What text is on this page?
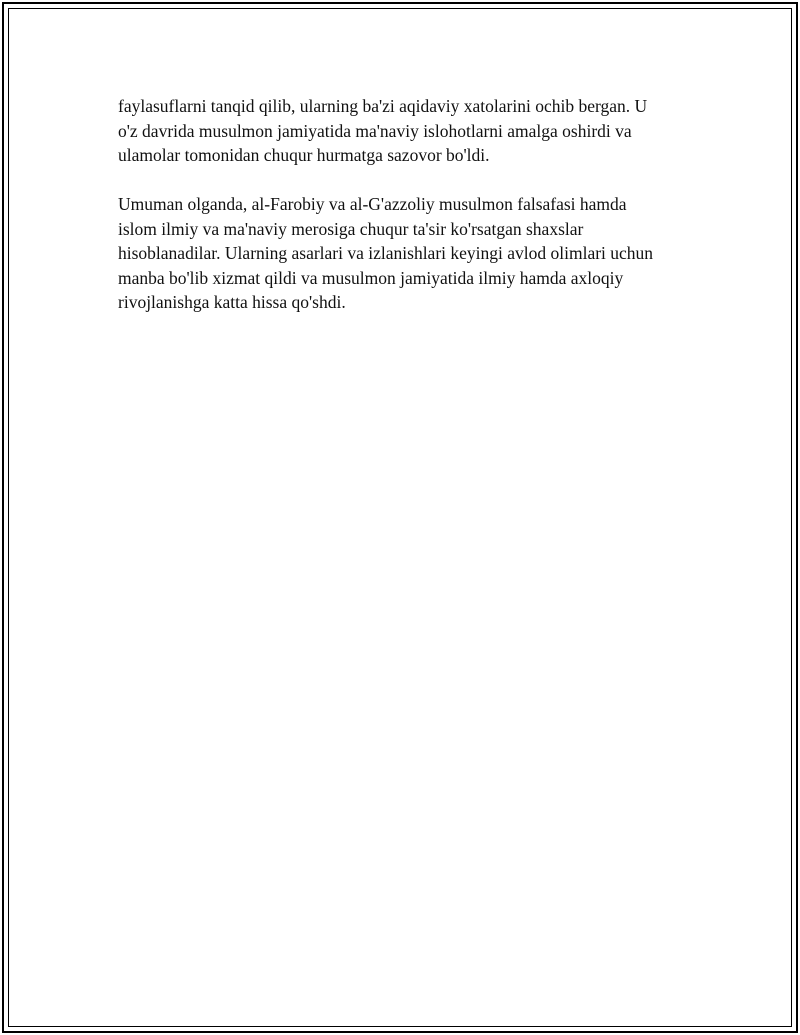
faylasuflarni tanqid qilib, ularning ba'zi aqidaviy xatolarini ochib bergan. U
o'z davrida musulmon jamiyatida ma'naviy islohotlarni amalga oshirdi va
ulamolar tomonidan chuqur hurmatga sazovor bo'ldi.

Umuman olganda, al-Farobiy va al-G'azzoliy musulmon falsafasi hamda
islom ilmiy va ma'naviy merosiga chuqur ta'sir ko'rsatgan shaxslar
hisoblanadilar. Ularning asarlari va izlanishlari keyingi avlod olimlari uchun
manba bo'lib xizmat qildi va musulmon jamiyatida ilmiy hamda axloqiy
rivojlanishga katta hissa qo'shdi.
